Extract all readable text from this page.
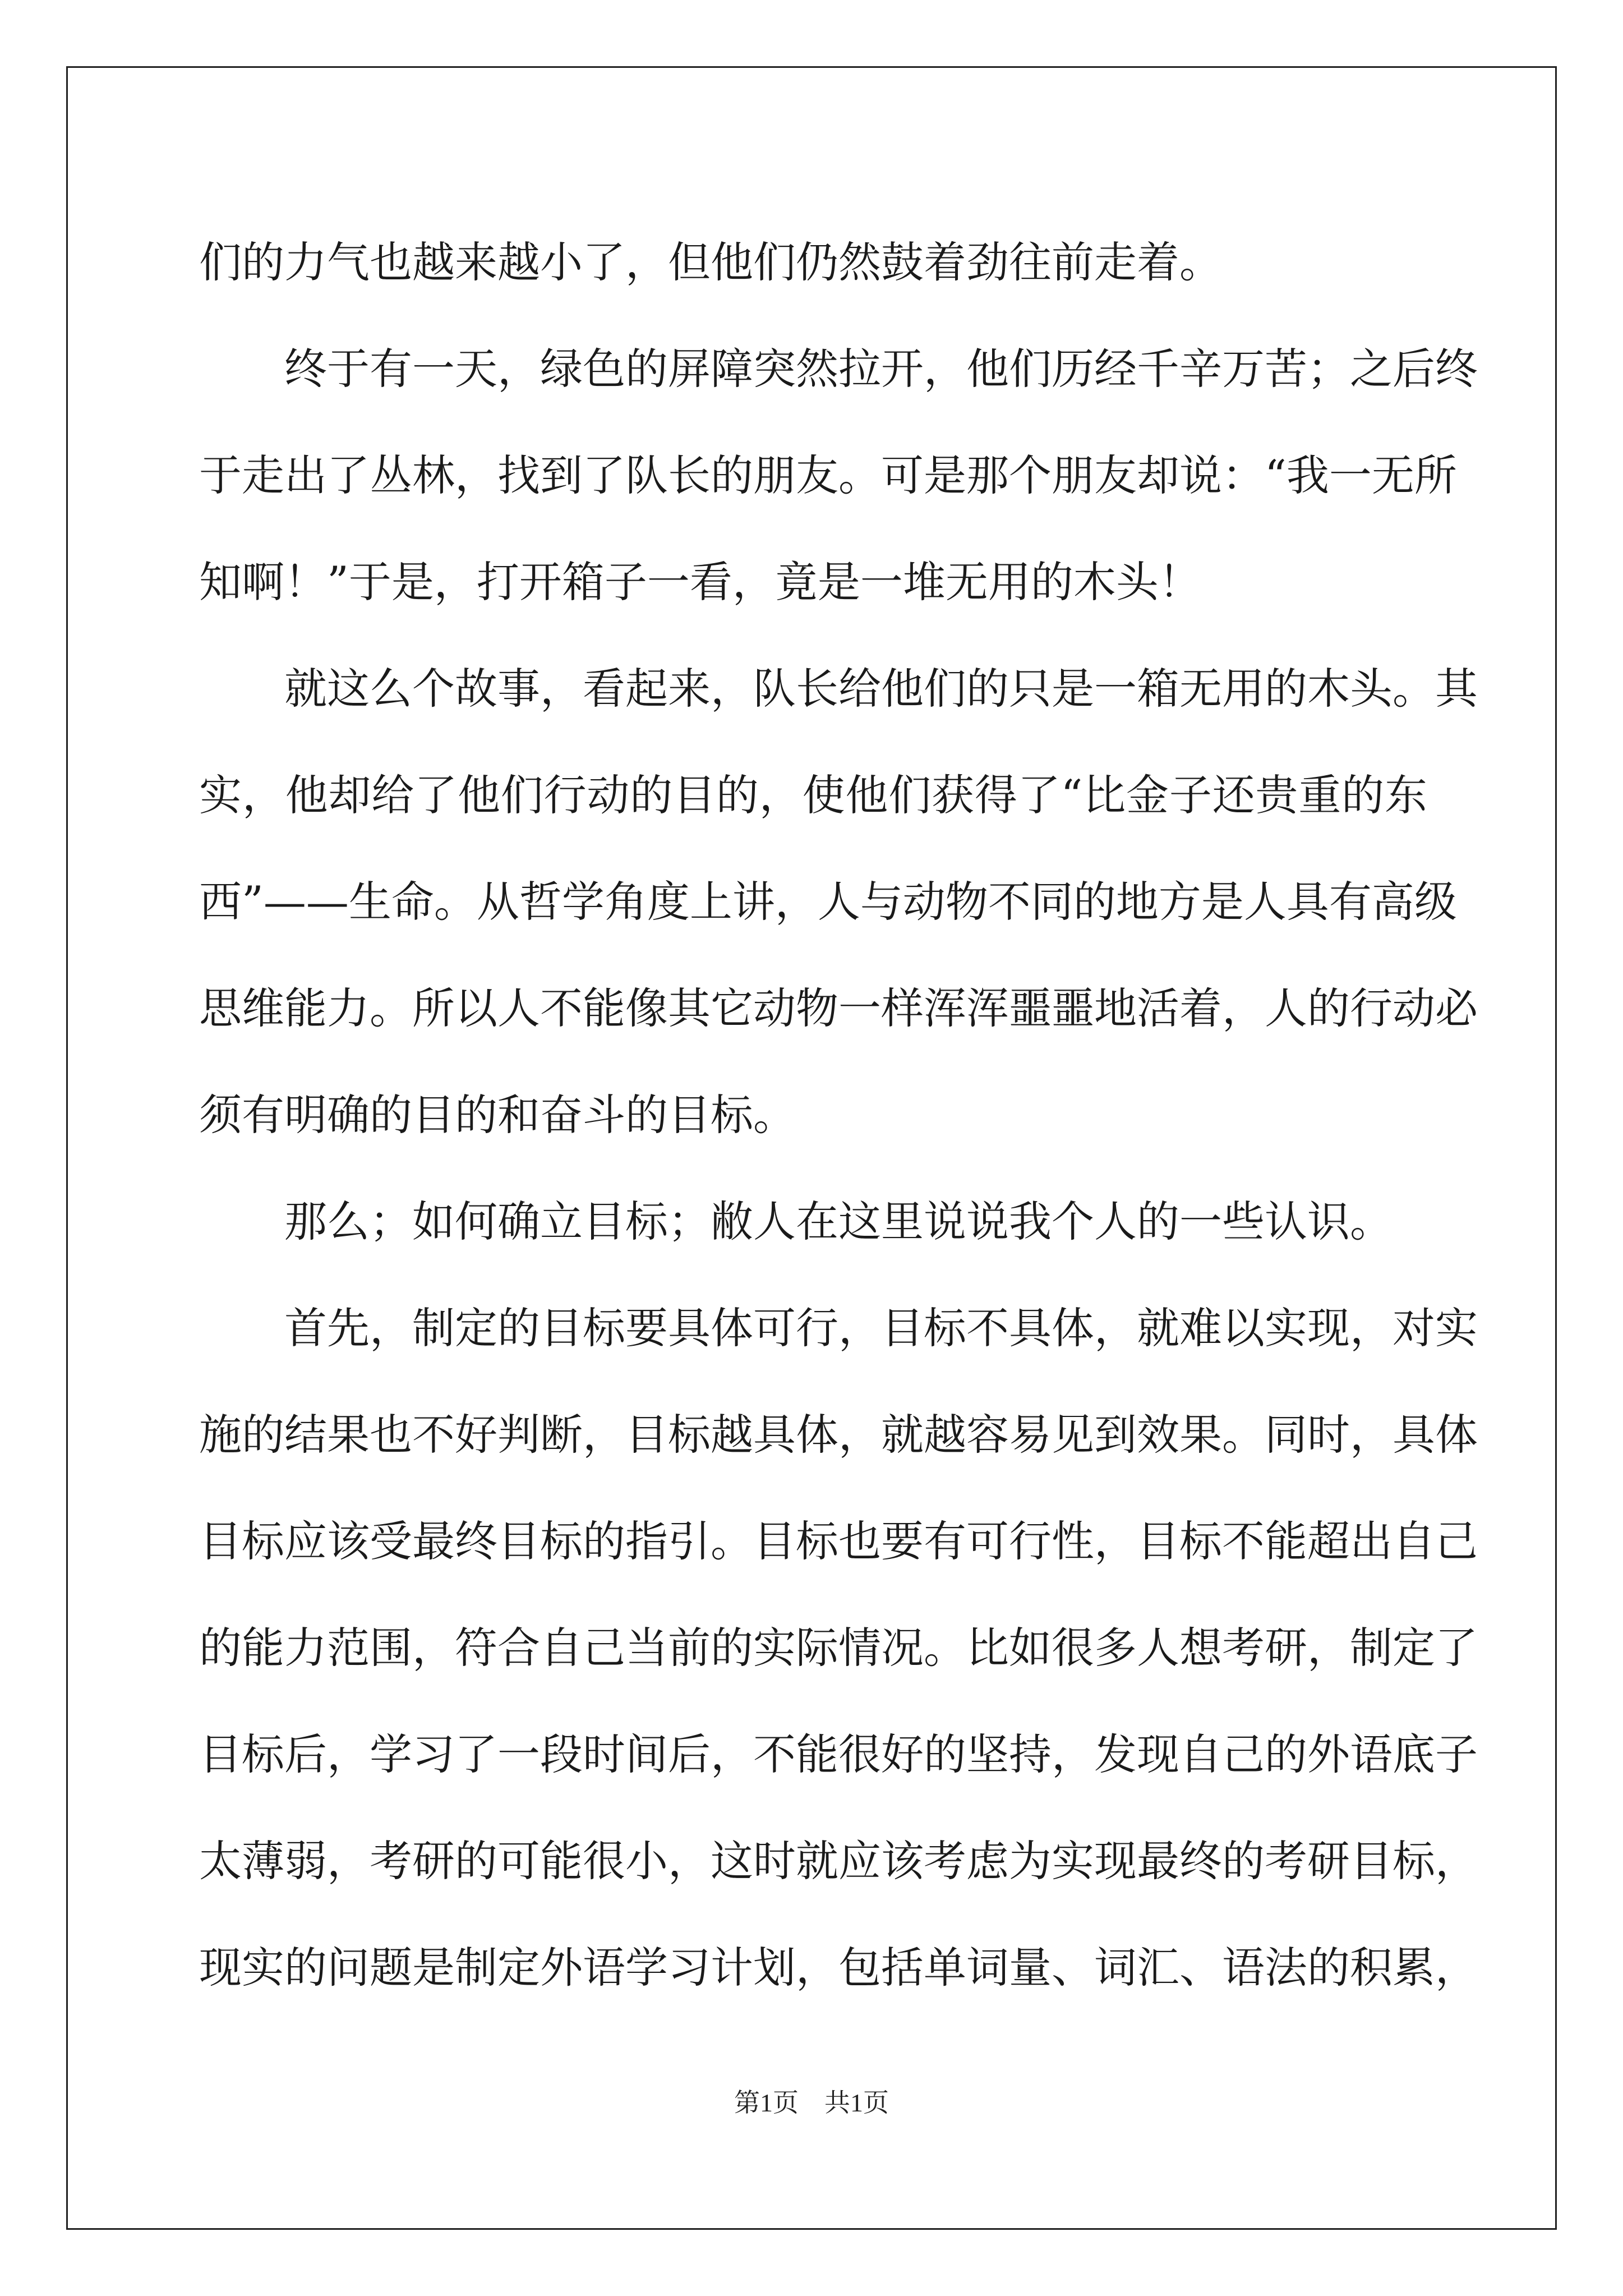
们的力气也越来越小了，但他们仍然鼓着劲往前走着。
终于有一天，绿色的屏障突然拉开，他们历经千辛万苦；之后终
于走出了丛林，找到了队长的朋友。可是那个朋友却说：“我一无所
知啊！”于是，打开箱子一看，竟是一堆无用的木头！
就这么个故事，看起来，队长给他们的只是一箱无用的木头。其
实，他却给了他们行动的目的，使他们获得了“比金子还贵重的东
西”——生命。从哲学角度上讲，人与动物不同的地方是人具有高级
思维能力。所以人不能像其它动物一样浑浑噩噩地活着，人的行动必
须有明确的目的和奋斗的目标。
那么；如何确立目标；敝人在这里说说我个人的一些认识。
首先，制定的目标要具体可行，目标不具体，就难以实现，对实
施的结果也不好判断，目标越具体，就越容易见到效果。同时，具体
目标应该受最终目标的指引。目标也要有可行性，目标不能超出自己
的能力范围，符合自己当前的实际情况。比如很多人想考研，制定了
目标后，学习了一段时间后，不能很好的坚持，发现自己的外语底子
太薄弱，考研的可能很小，这时就应该考虑为实现最终的考研目标，
现实的问题是制定外语学习计划，包括单词量、词汇、语法的积累，
第1页　共1页
